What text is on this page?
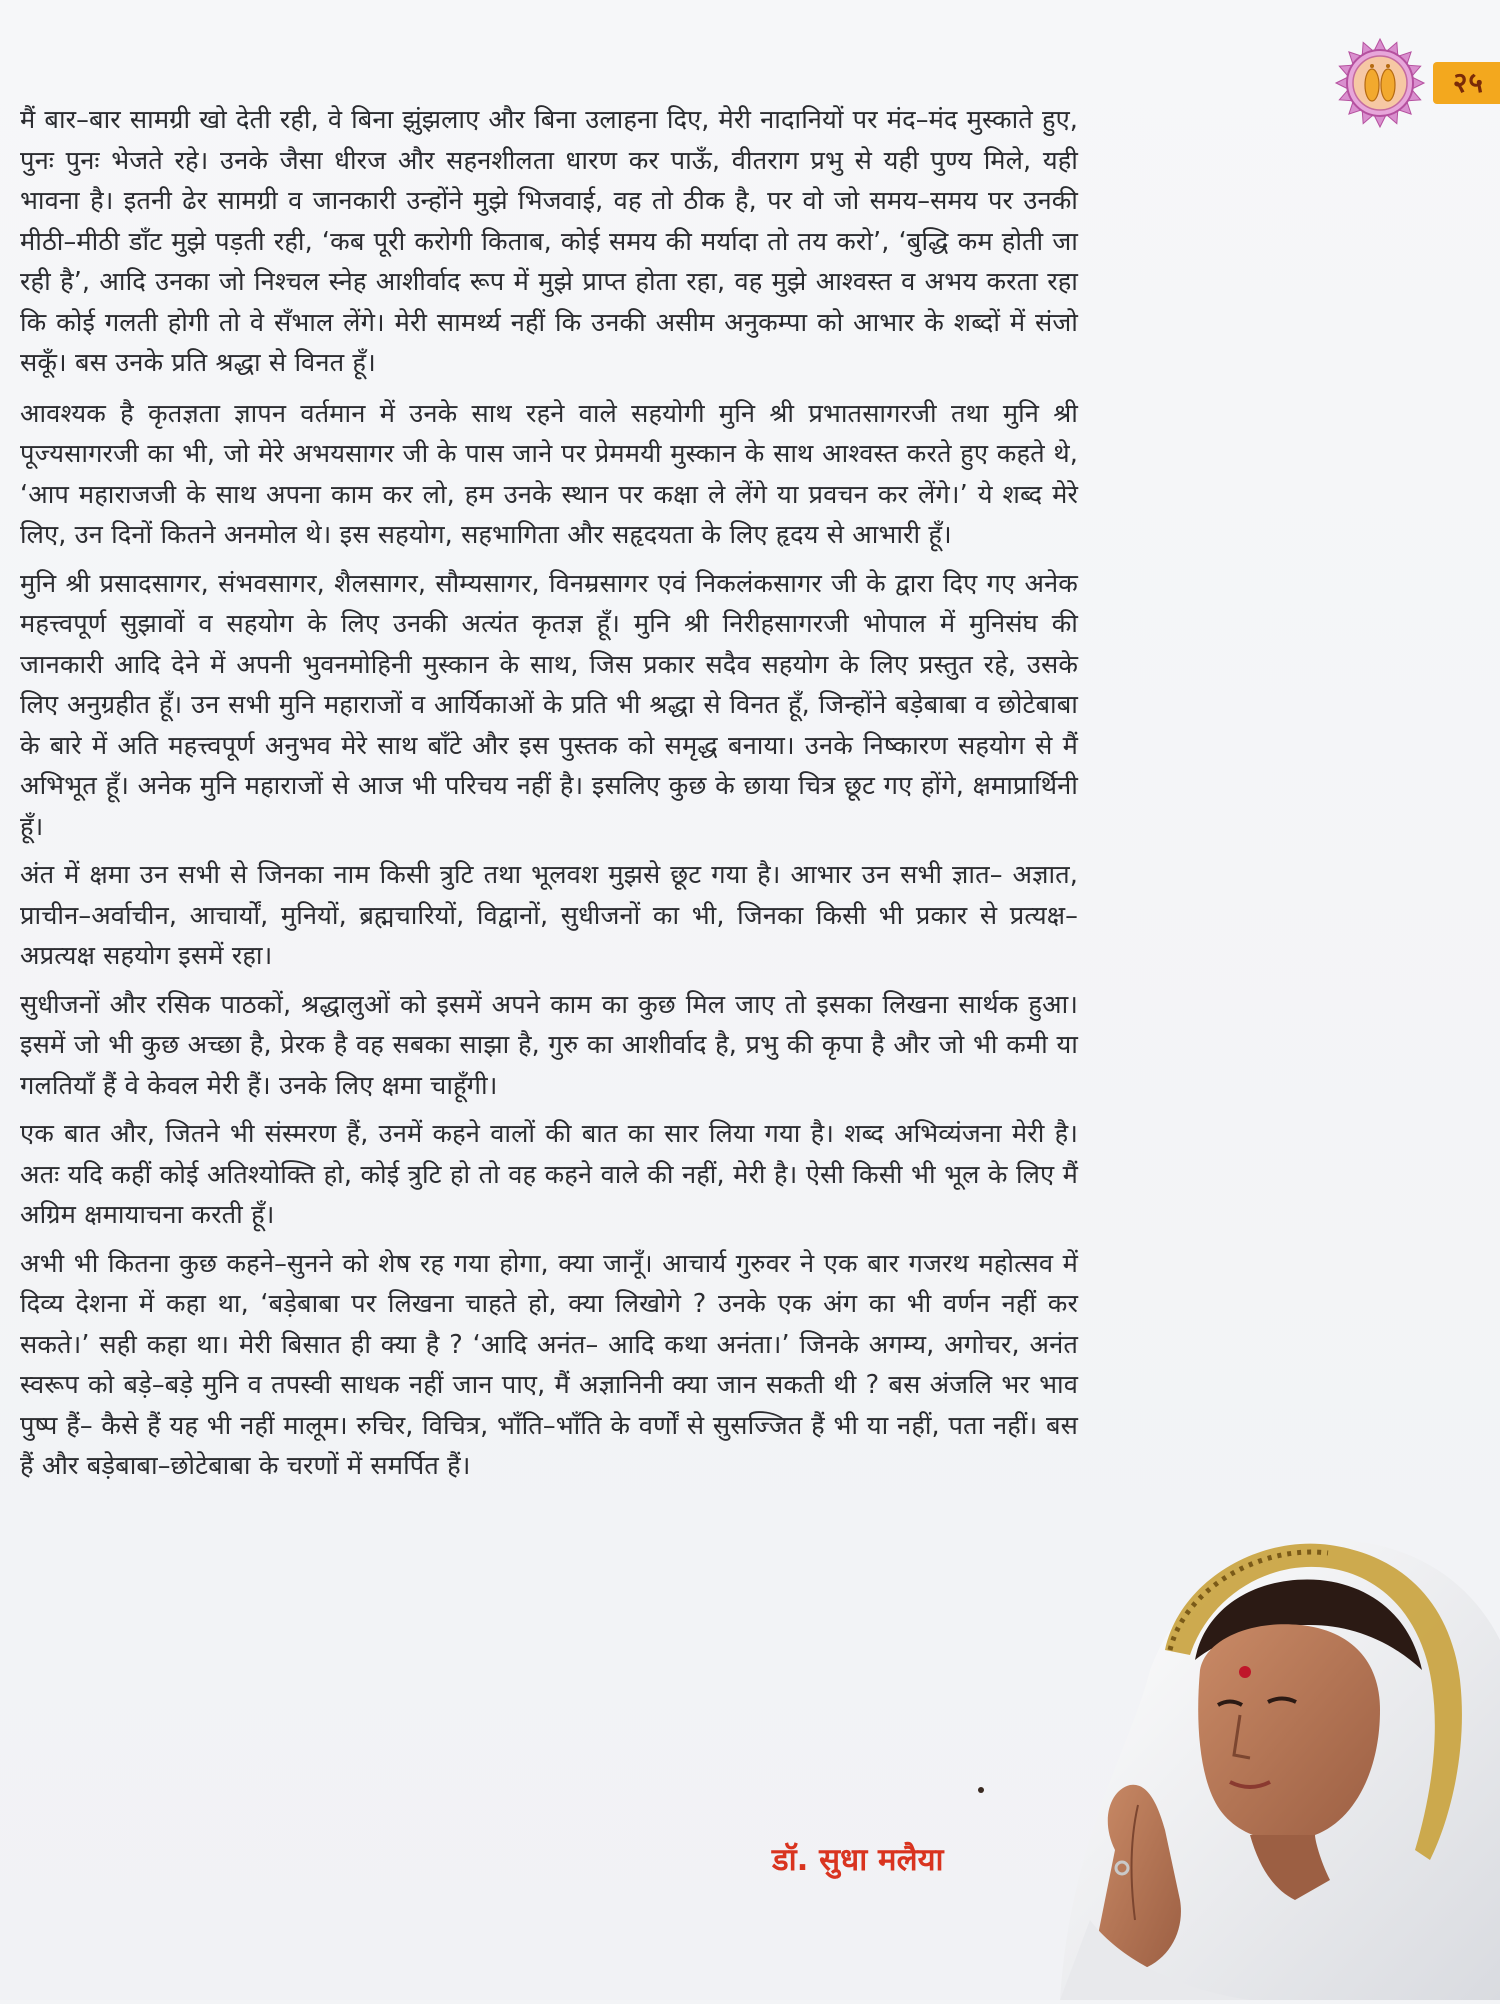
२५

मैं बार–बार सामग्री खो देती रही, वे बिना झुंझलाए और बिना उलाहना दिए, मेरी नादानियों पर मंद–मंद मुस्काते हुए, पुनः पुनः भेजते रहे। उनके जैसा धीरज और सहनशीलता धारण कर पाऊँ, वीतराग प्रभु से यही पुण्य मिले, यही भावना है। इतनी ढेर सामग्री व जानकारी उन्होंने मुझे भिजवाई, वह तो ठीक है, पर वो जो समय–समय पर उनकी मीठी–मीठी डाँट मुझे पड़ती रही, ‘कब पूरी करोगी किताब, कोई समय की मर्यादा तो तय करो’, ‘बुद्धि कम होती जा रही है’, आदि उनका जो निश्चल स्नेह आशीर्वाद रूप में मुझे प्राप्त होता रहा, वह मुझे आश्वस्त व अभय करता रहा कि कोई गलती होगी तो वे सँभाल लेंगे। मेरी सामर्थ्य नहीं कि उनकी असीम अनुकम्पा को आभार के शब्दों में संजो सकूँ। बस उनके प्रति श्रद्धा से विनत हूँ।

आवश्यक है कृतज्ञता ज्ञापन वर्तमान में उनके साथ रहने वाले सहयोगी मुनि श्री प्रभातसागरजी तथा मुनि श्री पूज्यसागरजी का भी, जो मेरे अभयसागर जी के पास जाने पर प्रेममयी मुस्कान के साथ आश्वस्त करते हुए कहते थे, ‘आप महाराजजी के साथ अपना काम कर लो, हम उनके स्थान पर कक्षा ले लेंगे या प्रवचन कर लेंगे।’ ये शब्द मेरे लिए, उन दिनों कितने अनमोल थे। इस सहयोग, सहभागिता और सहृदयता के लिए हृदय से आभारी हूँ।

मुनि श्री प्रसादसागर, संभवसागर, शैलसागर, सौम्यसागर, विनम्रसागर एवं निकलंकसागर जी के द्वारा दिए गए अनेक महत्त्वपूर्ण सुझावों व सहयोग के लिए उनकी अत्यंत कृतज्ञ हूँ। मुनि श्री निरीहसागरजी भोपाल में मुनिसंघ की जानकारी आदि देने में अपनी भुवनमोहिनी मुस्कान के साथ, जिस प्रकार सदैव सहयोग के लिए प्रस्तुत रहे, उसके लिए अनुग्रहीत हूँ। उन सभी मुनि महाराजों व आर्यिकाओं के प्रति भी श्रद्धा से विनत हूँ, जिन्होंने बड़ेबाबा व छोटेबाबा के बारे में अति महत्त्वपूर्ण अनुभव मेरे साथ बाँटे और इस पुस्तक को समृद्ध बनाया। उनके निष्कारण सहयोग से मैं अभिभूत हूँ। अनेक मुनि महाराजों से आज भी परिचय नहीं है। इसलिए कुछ के छाया चित्र छूट गए होंगे, क्षमाप्रार्थिनी हूँ।

अंत में क्षमा उन सभी से जिनका नाम किसी त्रुटि तथा भूलवश मुझसे छूट गया है। आभार उन सभी ज्ञात– अज्ञात, प्राचीन–अर्वाचीन, आचार्यों, मुनियों, ब्रह्मचारियों, विद्वानों, सुधीजनों का भी, जिनका किसी भी प्रकार से प्रत्यक्ष–अप्रत्यक्ष सहयोग इसमें रहा।

सुधीजनों और रसिक पाठकों, श्रद्धालुओं को इसमें अपने काम का कुछ मिल जाए तो इसका लिखना सार्थक हुआ। इसमें जो भी कुछ अच्छा है, प्रेरक है वह सबका साझा है, गुरु का आशीर्वाद है, प्रभु की कृपा है और जो भी कमी या गलतियाँ हैं वे केवल मेरी हैं। उनके लिए क्षमा चाहूँगी।

एक बात और, जितने भी संस्मरण हैं, उनमें कहने वालों की बात का सार लिया गया है। शब्द अभिव्यंजना मेरी है। अतः यदि कहीं कोई अतिश्योक्ति हो, कोई त्रुटि हो तो वह कहने वाले की नहीं, मेरी है। ऐसी किसी भी भूल के लिए मैं अग्रिम क्षमायाचना करती हूँ।

अभी भी कितना कुछ कहने–सुनने को शेष रह गया होगा, क्या जानूँ। आचार्य गुरुवर ने एक बार गजरथ महोत्सव में दिव्य देशना में कहा था, ‘बड़ेबाबा पर लिखना चाहते हो, क्या लिखोगे ? उनके एक अंग का भी वर्णन नहीं कर सकते।’ सही कहा था। मेरी बिसात ही क्या है ? ‘आदि अनंत– आदि कथा अनंता।’ जिनके अगम्य, अगोचर, अनंत स्वरूप को बड़े–बड़े मुनि व तपस्वी साधक नहीं जान पाए, मैं अज्ञानिनी क्या जान सकती थी ? बस अंजलि भर भाव पुष्प हैं– कैसे हैं यह भी नहीं मालूम। रुचिर, विचित्र, भाँति–भाँति के वर्णों से सुसज्जित हैं भी या नहीं, पता नहीं। बस हैं और बड़ेबाबा–छोटेबाबा के चरणों में समर्पित हैं।

डॉ. सुधा मलैया
